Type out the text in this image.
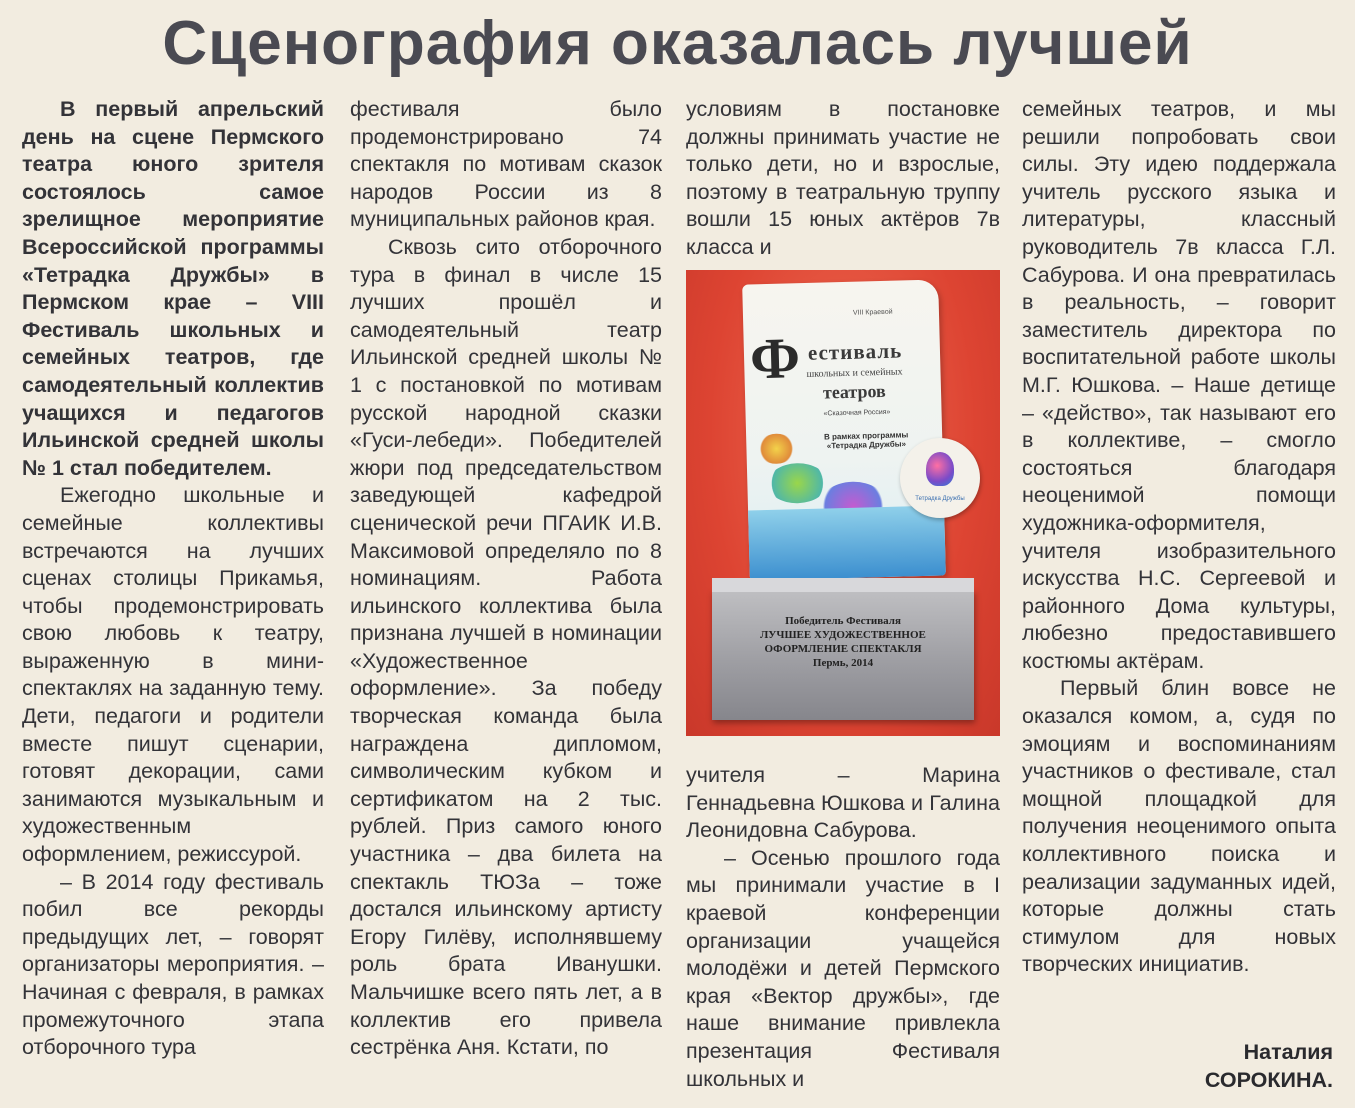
Сценография оказалась лучшей

В первый апрельский день на сцене Пермского театра юного зрителя состоялось самое зрелищное мероприятие Всероссийской программы «Тетрадка Дружбы» в Пермском крае – VIII Фестиваль школьных и семейных театров, где самодеятельный коллектив учащихся и педагогов Ильинской средней школы № 1 стал победителем.

Ежегодно школьные и семейные коллективы встречаются на лучших сценах столицы Прикамья, чтобы продемонстрировать свою любовь к театру, выраженную в мини-спектаклях на заданную тему. Дети, педагоги и родители вместе пишут сценарии, готовят декорации, сами занимаются музыкальным и художественным оформлением, режиссурой.

– В 2014 году фестиваль побил все рекорды предыдущих лет, – говорят организаторы мероприятия. – Начиная с февраля, в рамках промежуточного этапа отборочного тура

фестиваля было продемонстрировано 74 спектакля по мотивам сказок народов России из 8 муниципальных районов края.

Сквозь сито отборочного тура в финал в числе 15 лучших прошёл и самодеятельный театр Ильинской средней школы № 1 с постановкой по мотивам русской народной сказки «Гуси-лебеди». Победителей жюри под председательством заведующей кафедрой сценической речи ПГАИК И.В. Максимовой определяло по 8 номинациям. Работа ильинского коллектива была признана лучшей в номинации «Художественное оформление». За победу творческая команда была награждена дипломом, символическим кубком и сертификатом на 2 тыс. рублей. Приз самого юного участника – два билета на спектакль ТЮЗа – тоже достался ильинскому артисту Егору Гилёву, исполнявшему роль брата Иванушки. Мальчишке всего пять лет, а в коллектив его привела сестрёнка Аня. Кстати, по

условиям в постановке должны принимать участие не только дети, но и взрослые, поэтому в театральную труппу вошли 15 юных актёров 7в класса и

VIII Краевой
Ф естиваль
школьных и семейных
театров
«Сказочная Россия»
В рамках программы «Тетрадка Дружбы»
Тетрадка Дружбы
Победитель Фестиваля
ЛУЧШЕЕ ХУДОЖЕСТВЕННОЕ
ОФОРМЛЕНИЕ СПЕКТАКЛЯ
Пермь, 2014

учителя – Марина Геннадьевна Юшкова и Галина Леонидовна Сабурова.

– Осенью прошлого года мы принимали участие в I краевой конференции организации учащейся молодёжи и детей Пермского края «Вектор дружбы», где наше внимание привлекла презентация Фестиваля школьных и

семейных театров, и мы решили попробовать свои силы. Эту идею поддержала учитель русского языка и литературы, классный руководитель 7в класса Г.Л. Сабурова. И она превратилась в реальность, – говорит заместитель директора по воспитательной работе школы М.Г. Юшкова. – Наше детище – «действо», так называют его в коллективе, – смогло состояться благодаря неоценимой помощи художника-оформителя, учителя изобразительного искусства Н.С. Сергеевой и районного Дома культуры, любезно предоставившего костюмы актёрам.

Первый блин вовсе не оказался комом, а, судя по эмоциям и воспоминаниям участников о фестивале, стал мощной площадкой для получения неоценимого опыта коллективного поиска и реализации задуманных идей, которые должны стать стимулом для новых творческих инициатив.

Наталия
СОРОКИНА.
